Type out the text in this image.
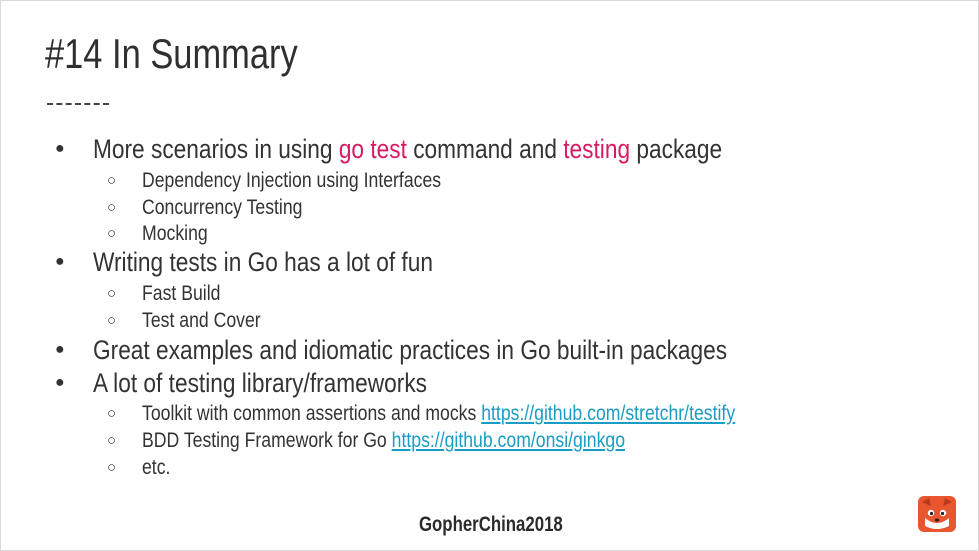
#14 In Summary
● More scenarios in using go test command and testing package
○ Dependency Injection using Interfaces
○ Concurrency Testing
○ Mocking
● Writing tests in Go has a lot of fun
○ Fast Build
○ Test and Cover
● Great examples and idiomatic practices in Go built-in packages
● A lot of testing library/frameworks
○ Toolkit with common assertions and mocks https://github.com/stretchr/testify
○ BDD Testing Framework for Go https://github.com/onsi/ginkgo
○ etc.
GopherChina2018
